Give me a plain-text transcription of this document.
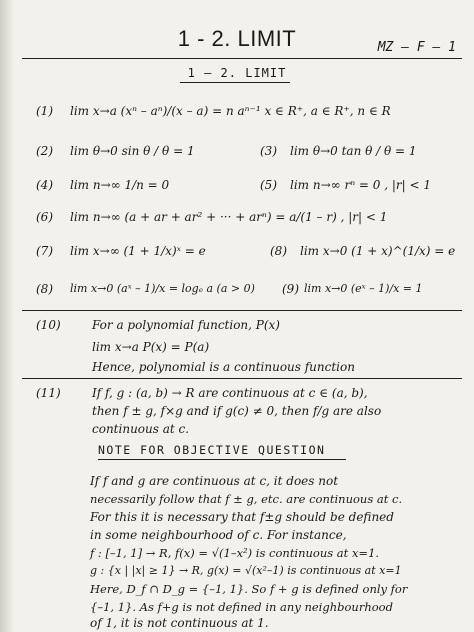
1 - 2. LIMIT	MZ – F – 1
1 – 2. LIMIT
(1) lim x→a (xⁿ – aⁿ)/(x – a) = n aⁿ⁻¹ x ∈ R⁺, a ∈ R⁺, n ∈ R
(2) lim θ→0 sin θ / θ = 1	(3) lim θ→0 tan θ / θ = 1
(4) lim n→∞ 1/n = 0	(5) lim n→∞ rⁿ = 0 , |r| < 1
(6) lim n→∞ (a + ar + ar² + ··· + arⁿ) = a/(1 – r) , |r| < 1
(7) lim x→∞ (1 + 1/x)ˣ = e	(8) lim x→0 (1 + x)^(1/x) = e
(8) lim x→0 (aˣ – 1)/x = logₑ a (a > 0) (9) lim x→0 (eˣ – 1)/x = 1
(10)	For a polynomial function, P(x)
lim x→a P(x) = P(a)
Hence, polynomial is a continuous function
(11)	If f, g : (a, b) → R are continuous at c ∈ (a, b),
then f ± g, f×g and if g(c) ≠ 0, then f/g are also
continuous at c.
NOTE FOR OBJECTIVE QUESTION
If f and g are continuous at c, it does not
necessarily follow that f ± g, etc. are continuous at c.
For this it is necessary that f±g should be defined
in some neighbourhood of c. For instance,
f : [–1, 1] → R, f(x) = √(1–x²) is continuous at x=1.
g : {x | |x| ≥ 1} → R, g(x) = √(x²–1) is continuous at x=1
Here, D_f ∩ D_g = {–1, 1}. So f + g is defined only for
{–1, 1}. As f+g is not defined in any neighbourhood
of 1, it is not continuous at 1.
